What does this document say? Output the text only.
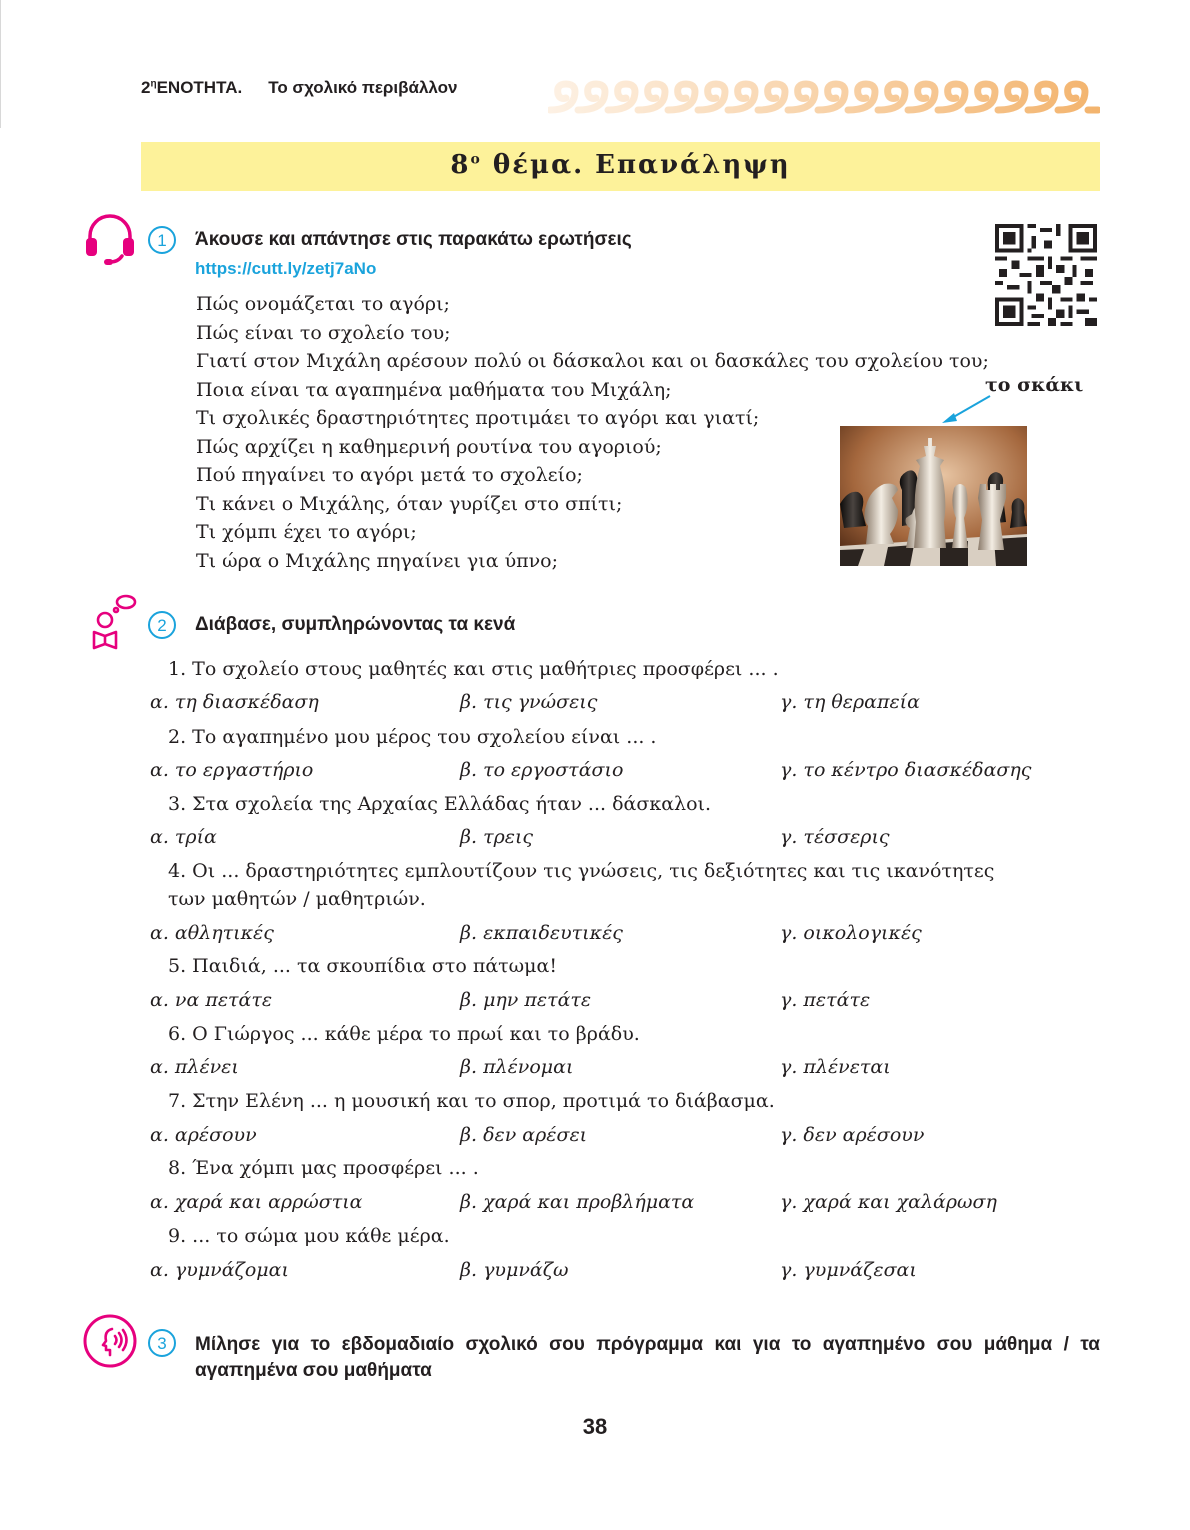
$2^\eta ENOTHTA$. Το σχολικό περιβάλλον
$8^o$ θέμα. Επανάληψη
1 Άκουσε και απάντησε στις παρακάτω ερωτήσεις
https://cutt.ly/zetj7aNo
Πώς ονομάζεται το αγόρι;
Πώς είναι το σχολείο του;
Γιατί στον Μιχάλη αρέσουν πολύ οι δάσκαλοι και οι δασκάλες του σχολείου του;
Ποια είναι τα αγαπημένα μαθήματα του Μιχάλη;
Τι σχολικές δραστηριότητες προτιμάει το αγόρι και γιατί;
Πώς αρχίζει η καθημερινή ρουτίνα του αγοριού;
Πού πηγαίνει το αγόρι μετά το σχολείο;
Τι κάνει ο Μιχάλης, όταν γυρίζει στο σπίτι;
Τι χόμπι έχει το αγόρι;
Τι ώρα ο Μιχάλης πηγαίνει για ύπνο;
το σκάκι
2 Διάβασε, συμπληρώνοντας τα κενά
1. Το σχολείο στους μαθητές και στις μαθήτριες προσφέρει ... .
α. τη διασκέδαση	β. τις γνώσεις	γ. τη θεραπεία
2. Το αγαπημένο μου μέρος του σχολείου είναι ... .
α. το εργαστήριο	β. το εργοστάσιο	γ. το κέντρο διασκέδασης
3. Στα σχολεία της Αρχαίας Ελλάδας ήταν ... δάσκαλοι.
α. τρία	β. τρεις	γ. τέσσερις
4. Οι ... δραστηριότητες εμπλουτίζουν τις γνώσεις, τις δεξιότητες και τις ικανότητες
των μαθητών / μαθητριών.
α. αθλητικές	β. εκπαιδευτικές	γ. οικολογικές
5. Παιδιά, ... τα σκουπίδια στο πάτωμα!
α. να πετάτε	β. μην πετάτε	γ. πετάτε
6. Ο Γιώργος ... κάθε μέρα το πρωί και το βράδυ.
α. πλένει	β. πλένομαι	γ. πλένεται
7. Στην Ελένη ... η μουσική και το σπορ, προτιμά το διάβασμα.
α. αρέσουν	β. δεν αρέσει	γ. δεν αρέσουν
8. Ένα χόμπι μας προσφέρει ... .
α. χαρά και αρρώστια	β. χαρά και προβλήματα	γ. χαρά και χαλάρωση
9. ... το σώμα μου κάθε μέρα.
α. γυμνάζομαι	β. γυμνάζω	γ. γυμνάζεσαι
3 Μίλησε για το εβδομαδιαίο σχολικό σου πρόγραμμα και για το αγαπημένο σου μάθημα / τα αγαπημένα σου μαθήματα
38
